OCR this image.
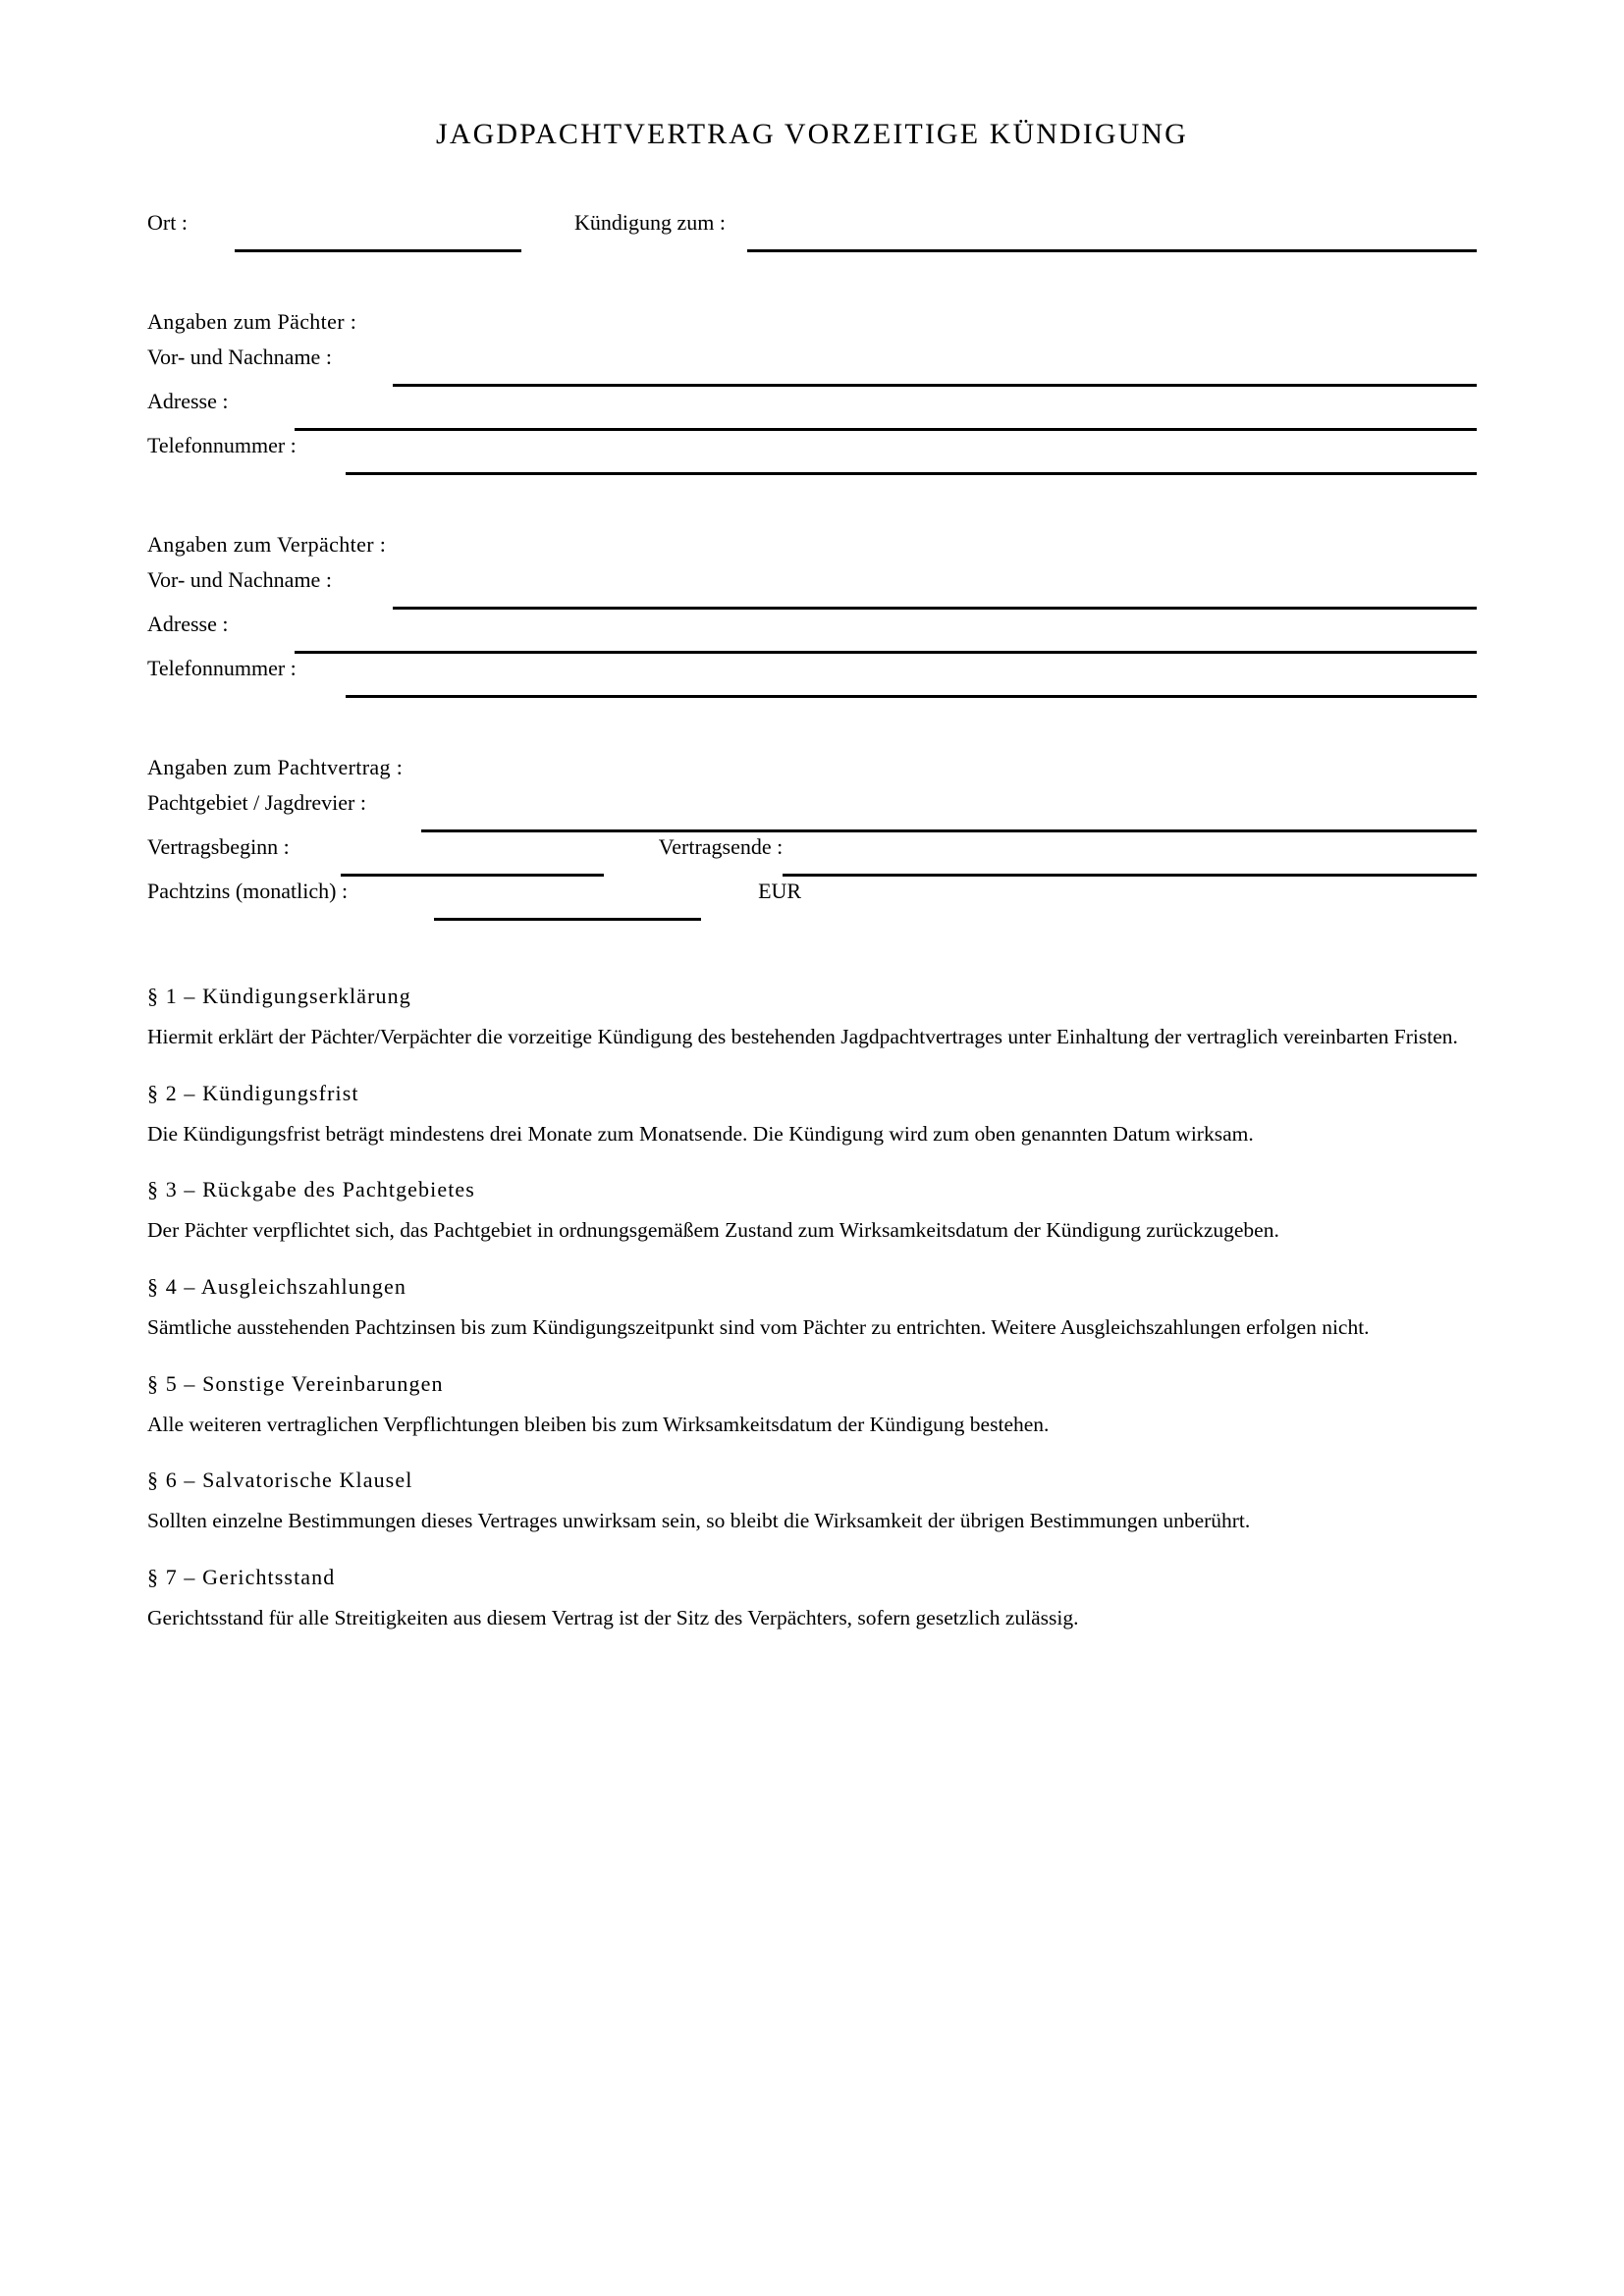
JAGDPACHTVERTRAG VORZEITIGE KÜNDIGUNG
Ort :	Kündigung zum :
Angaben zum Pächter :
Vor- und Nachname :
Adresse :
Telefonnummer :
Angaben zum Verpächter :
Vor- und Nachname :
Adresse :
Telefonnummer :
Angaben zum Pachtvertrag :
Pachtgebiet / Jagdrevier :
Vertragsbeginn :	Vertragsende :
Pachtzins (monatlich) :	EUR
§ 1 – Kündigungserklärung

Hiermit erklärt der Pächter/Verpächter die vorzeitige Kündigung des bestehenden Jagdpachtvertrages unter Einhaltung der vertraglich vereinbarten Fristen.

§ 2 – Kündigungsfrist

Die Kündigungsfrist beträgt mindestens drei Monate zum Monatsende. Die Kündigung wird zum oben genannten Datum wirksam.

§ 3 – Rückgabe des Pachtgebietes

Der Pächter verpflichtet sich, das Pachtgebiet in ordnungsgemäßem Zustand zum Wirksamkeitsdatum der Kündigung zurückzugeben.

§ 4 – Ausgleichszahlungen

Sämtliche ausstehenden Pachtzinsen bis zum Kündigungszeitpunkt sind vom Pächter zu entrichten. Weitere Ausgleichszahlungen erfolgen nicht.

§ 5 – Sonstige Vereinbarungen

Alle weiteren vertraglichen Verpflichtungen bleiben bis zum Wirksamkeitsdatum der Kündigung bestehen.

§ 6 – Salvatorische Klausel

Sollten einzelne Bestimmungen dieses Vertrages unwirksam sein, so bleibt die Wirksamkeit der übrigen Bestimmungen unberührt.

§ 7 – Gerichtsstand

Gerichtsstand für alle Streitigkeiten aus diesem Vertrag ist der Sitz des Verpächters, sofern gesetzlich zulässig.
